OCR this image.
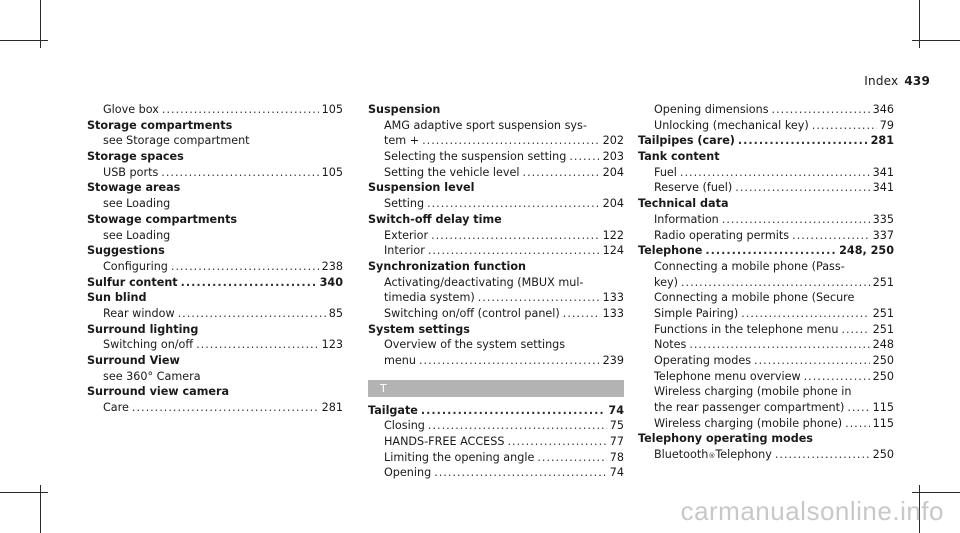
Index 439
Glove box .....	105
Storage compartments
see Storage compartment
Storage spaces
USB ports .....	105
Stowage areas
see Loading
Stowage compartments
see Loading
Suggestions
Configuring .....	238
Sulfur content .....	340
Sun blind
Rear window .....	85
Surround lighting
Switching on/off .....	123
Surround View
see 360° Camera
Surround view camera
Care .....	281
Suspension
AMG adaptive sport suspension sys-
tem + .....	202
Selecting the suspension setting .....	203
Setting the vehicle level .....	204
Suspension level
Setting .....	204
Switch-off delay time
Exterior .....	122
Interior .....	124
Synchronization function
Activating/deactivating (MBUX mul-
timedia system) .....	133
Switching on/off (control panel) .....	133
System settings
Overview of the system settings
menu .....	239
T
Tailgate .....	74
Closing .....	75
HANDS-FREE ACCESS .....	77
Limiting the opening angle .....	78
Opening .....	74
Opening dimensions .....	346
Unlocking (mechanical key) .....	79
Tailpipes (care) .....	281
Tank content
Fuel .....	341
Reserve (fuel) .....	341
Technical data
Information .....	335
Radio operating permits .....	337
Telephone .....	248, 250
Connecting a mobile phone (Pass-
key) .....	251
Connecting a mobile phone (Secure
Simple Pairing) .....	251
Functions in the telephone menu .....	251
Notes .....	248
Operating modes .....	250
Telephone menu overview .....	250
Wireless charging (mobile phone in
the rear passenger compartment) .....	115
Wireless charging (mobile phone) .....	115
Telephony operating modes
Bluetooth ® Telephony .....	250
carmanualsonline.info
